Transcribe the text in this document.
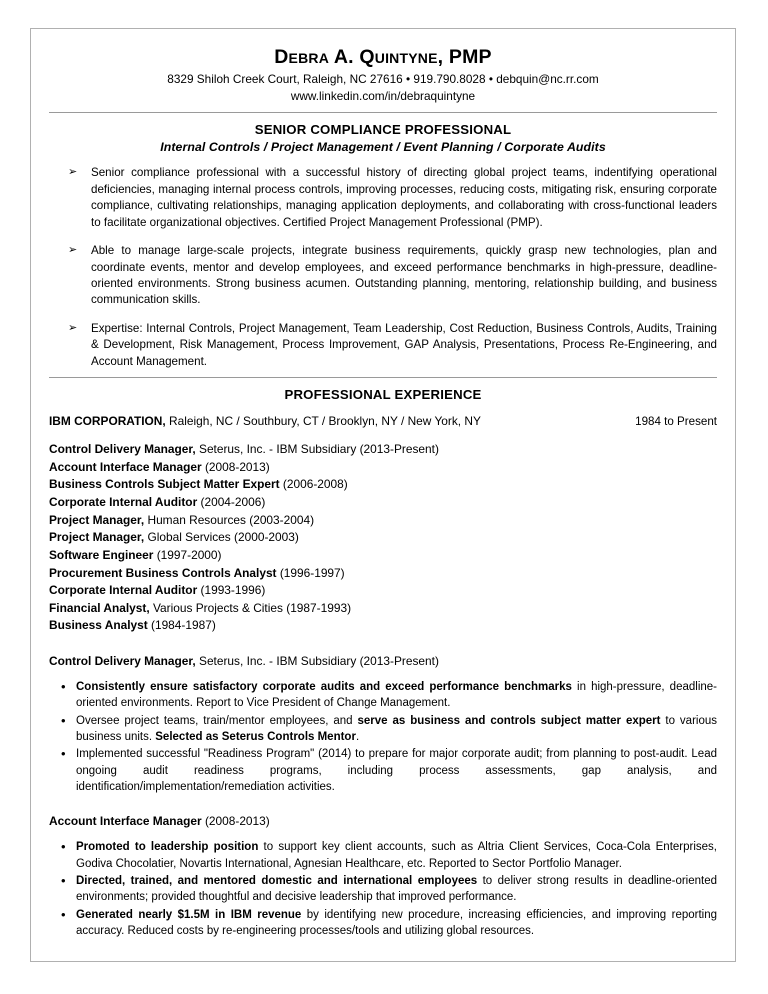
Debra A. Quintyne, PMP
8329 Shiloh Creek Court, Raleigh, NC 27616 • 919.790.8028 • debquin@nc.rr.com
www.linkedin.com/in/debraquintyne
SENIOR COMPLIANCE PROFESSIONAL
Internal Controls / Project Management / Event Planning / Corporate Audits
➢ Senior compliance professional with a successful history of directing global project teams, indentifying operational deficiencies, managing internal process controls, improving processes, reducing costs, mitigating risk, ensuring corporate compliance, cultivating relationships, managing application deployments, and collaborating with cross-functional leaders to facilitate organizational objectives. Certified Project Management Professional (PMP).
➢ Able to manage large-scale projects, integrate business requirements, quickly grasp new technologies, plan and coordinate events, mentor and develop employees, and exceed performance benchmarks in high-pressure, deadline-oriented environments. Strong business acumen. Outstanding planning, mentoring, relationship building, and business communication skills.
➢ Expertise: Internal Controls, Project Management, Team Leadership, Cost Reduction, Business Controls, Audits, Training & Development, Risk Management, Process Improvement, GAP Analysis, Presentations, Process Re-Engineering, and Account Management.
PROFESSIONAL EXPERIENCE
IBM CORPORATION, Raleigh, NC / Southbury, CT / Brooklyn, NY / New York, NY	1984 to Present
Control Delivery Manager, Seterus, Inc. - IBM Subsidiary (2013-Present)
Account Interface Manager (2008-2013)
Business Controls Subject Matter Expert (2006-2008)
Corporate Internal Auditor (2004-2006)
Project Manager, Human Resources (2003-2004)
Project Manager, Global Services (2000-2003)
Software Engineer (1997-2000)
Procurement Business Controls Analyst (1996-1997)
Corporate Internal Auditor (1993-1996)
Financial Analyst, Various Projects & Cities (1987-1993)
Business Analyst (1984-1987)
Control Delivery Manager, Seterus, Inc. - IBM Subsidiary (2013-Present)
• Consistently ensure satisfactory corporate audits and exceed performance benchmarks in high-pressure, deadline-oriented environments. Report to Vice President of Change Management.
• Oversee project teams, train/mentor employees, and serve as business and controls subject matter expert to various business units. Selected as Seterus Controls Mentor.
• Implemented successful "Readiness Program" (2014) to prepare for major corporate audit; from planning to post-audit. Lead ongoing audit readiness programs, including process assessments, gap analysis, and identification/implementation/remediation activities.
Account Interface Manager (2008-2013)
• Promoted to leadership position to support key client accounts, such as Altria Client Services, Coca-Cola Enterprises, Godiva Chocolatier, Novartis International, Agnesian Healthcare, etc. Reported to Sector Portfolio Manager.
• Directed, trained, and mentored domestic and international employees to deliver strong results in deadline-oriented environments; provided thoughtful and decisive leadership that improved performance.
• Generated nearly $1.5M in IBM revenue by identifying new procedure, increasing efficiencies, and improving reporting accuracy. Reduced costs by re-engineering processes/tools and utilizing global resources.
